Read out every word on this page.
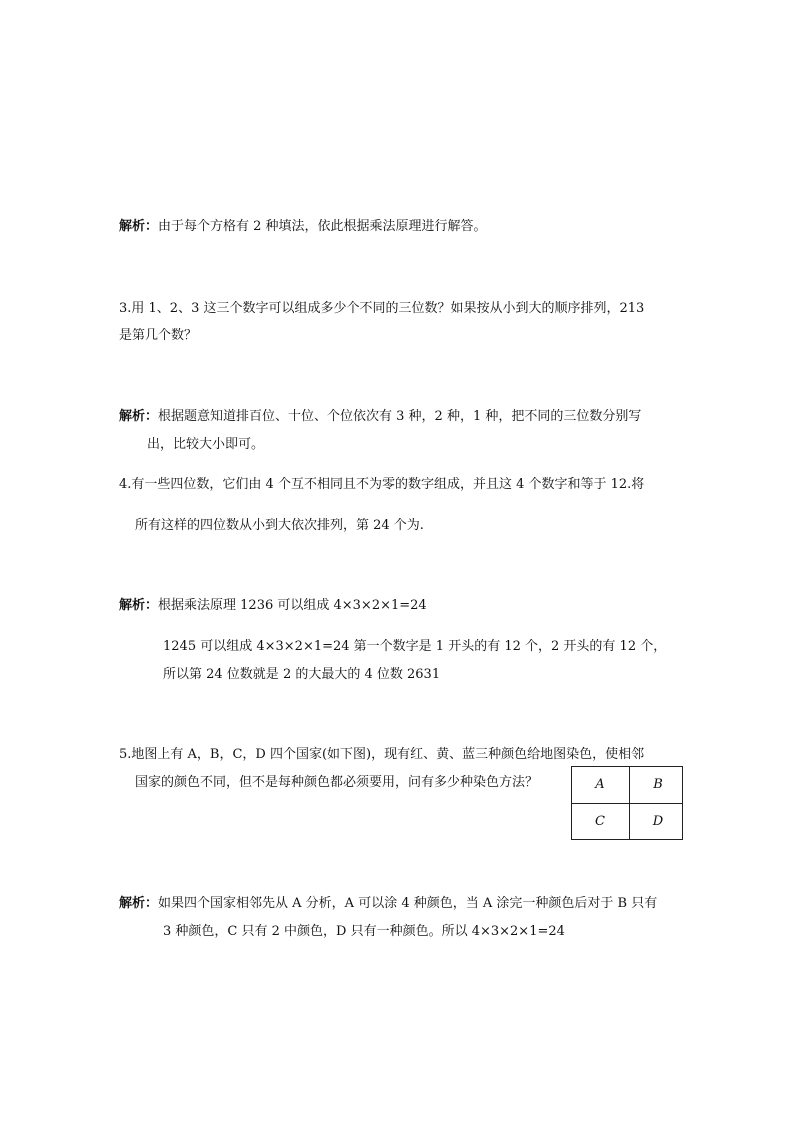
解析：由于每个方格有 2 种填法，依此根据乘法原理进行解答。
3.用 1、2、3 这三个数字可以组成多少个不同的三位数？如果按从小到大的顺序排列，213
是第几个数？
解析：根据题意知道排百位、十位、个位依次有 3 种，2 种，1 种，把不同的三位数分别写
出，比较大小即可。
4.有一些四位数，它们由 4 个互不相同且不为零的数字组成，并且这 4 个数字和等于 12.将
所有这样的四位数从小到大依次排列，第 24 个为.
解析：根据乘法原理 1236 可以组成 4×3×2×1=24
1245 可以组成 4×3×2×1=24 第一个数字是 1 开头的有 12 个，2 开头的有 12 个，
所以第 24 位数就是 2 的大最大的 4 位数 2631
5.地图上有 A，B，C，D 四个国家(如下图)，现有红、黄、蓝三种颜色给地图染色，使相邻
国家的颜色不同，但不是每种颜色都必须要用，问有多少种染色方法？	A	B
C	D
解析：如果四个国家相邻先从 A 分析，A 可以涂 4 种颜色，当 A 涂完一种颜色后对于 B 只有
3 种颜色，C 只有 2 中颜色，D 只有一种颜色。所以 4×3×2×1=24
